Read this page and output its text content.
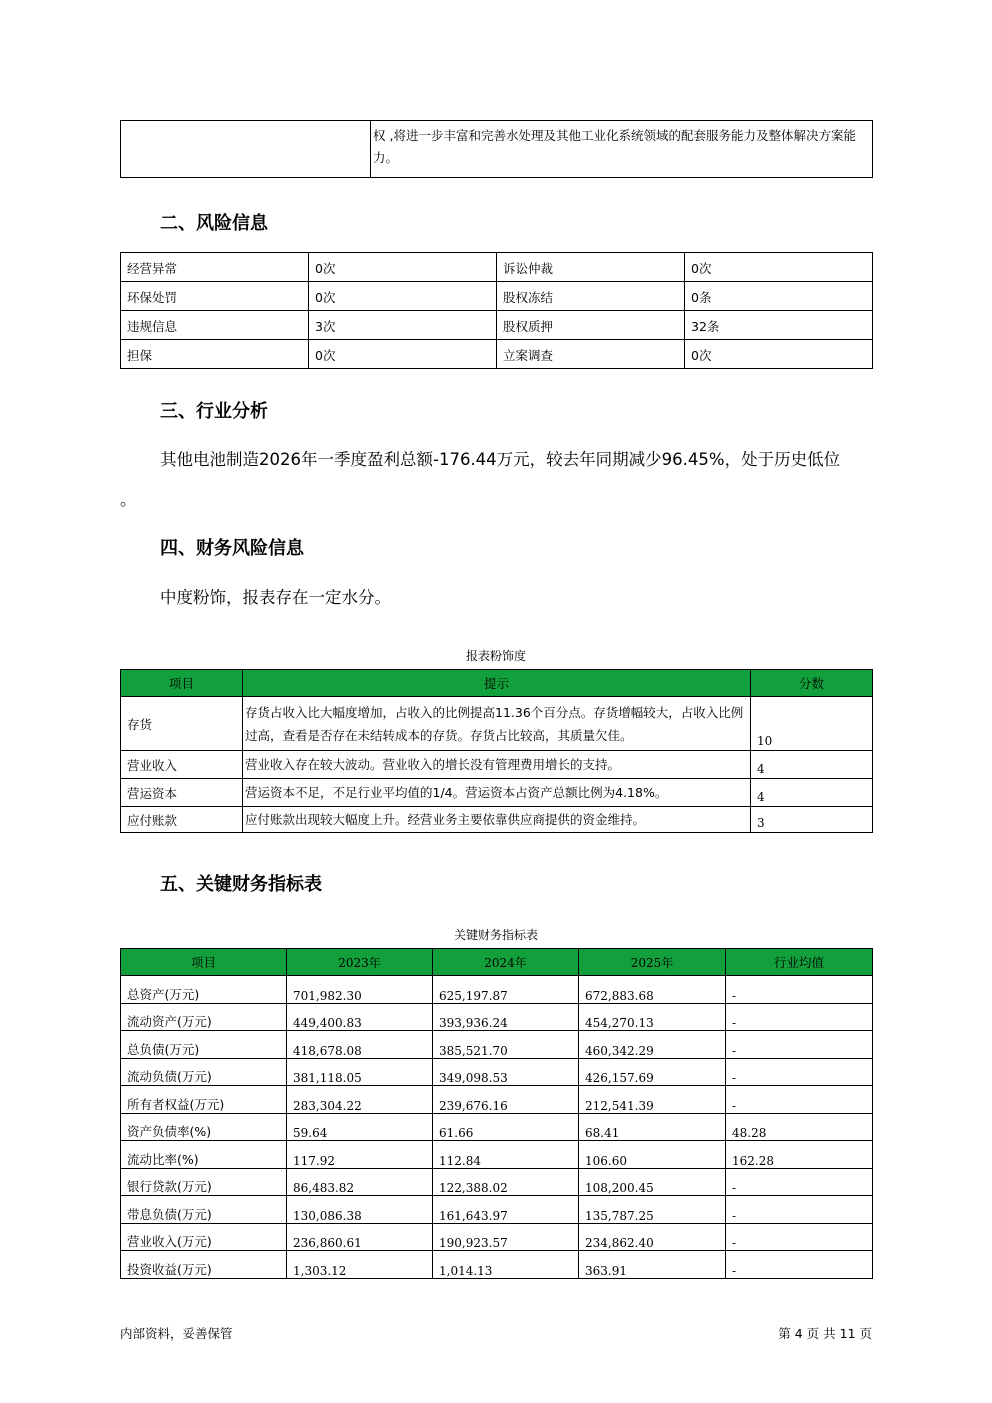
	权 ,将进一步丰富和完善水处理及其他工业化系统领域的配套服务能力及整体解决方案能力。
二、风险信息
经营异常	0次	诉讼仲裁	0次
环保处罚	0次	股权冻结	0条
违规信息	3次	股权质押	32条
担保	0次	立案调查	0次
三、行业分析

其他电池制造2026年一季度盈利总额-176.44万元，较去年同期减少96.45%，处于历史低位

。

四、财务风险信息

中度粉饰，报表存在一定水分。

报表粉饰度
项目	提示	分数
存货	存货占收入比大幅度增加，占收入的比例提高11.36个百分点。存货增幅较大，占收入比例过高，查看是否存在未结转成本的存货。存货占比较高，其质量欠佳。	10
营业收入	营业收入存在较大波动。营业收入的增长没有管理费用增长的支持。	4
营运资本	营运资本不足，不足行业平均值的1/4。营运资本占资产总额比例为4.18%。	4
应付账款	应付账款出现较大幅度上升。经营业务主要依靠供应商提供的资金维持。	3
五、关键财务指标表
关键财务指标表
项目	2023年	2024年	2025年	行业均值
总资产(万元)	701,982.30	625,197.87	672,883.68	-
流动资产(万元)	449,400.83	393,936.24	454,270.13	-
总负债(万元)	418,678.08	385,521.70	460,342.29	-
流动负债(万元)	381,118.05	349,098.53	426,157.69	-
所有者权益(万元)	283,304.22	239,676.16	212,541.39	-
资产负债率(%)	59.64	61.66	68.41	48.28
流动比率(%)	117.92	112.84	106.60	162.28
银行贷款(万元)	86,483.82	122,388.02	108,200.45	-
带息负债(万元)	130,086.38	161,643.97	135,787.25	-
营业收入(万元)	236,860.61	190,923.57	234,862.40	-
投资收益(万元)	1,303.12	1,014.13	363.91	-
内部资料，妥善保管	第 4 页 共 11 页
